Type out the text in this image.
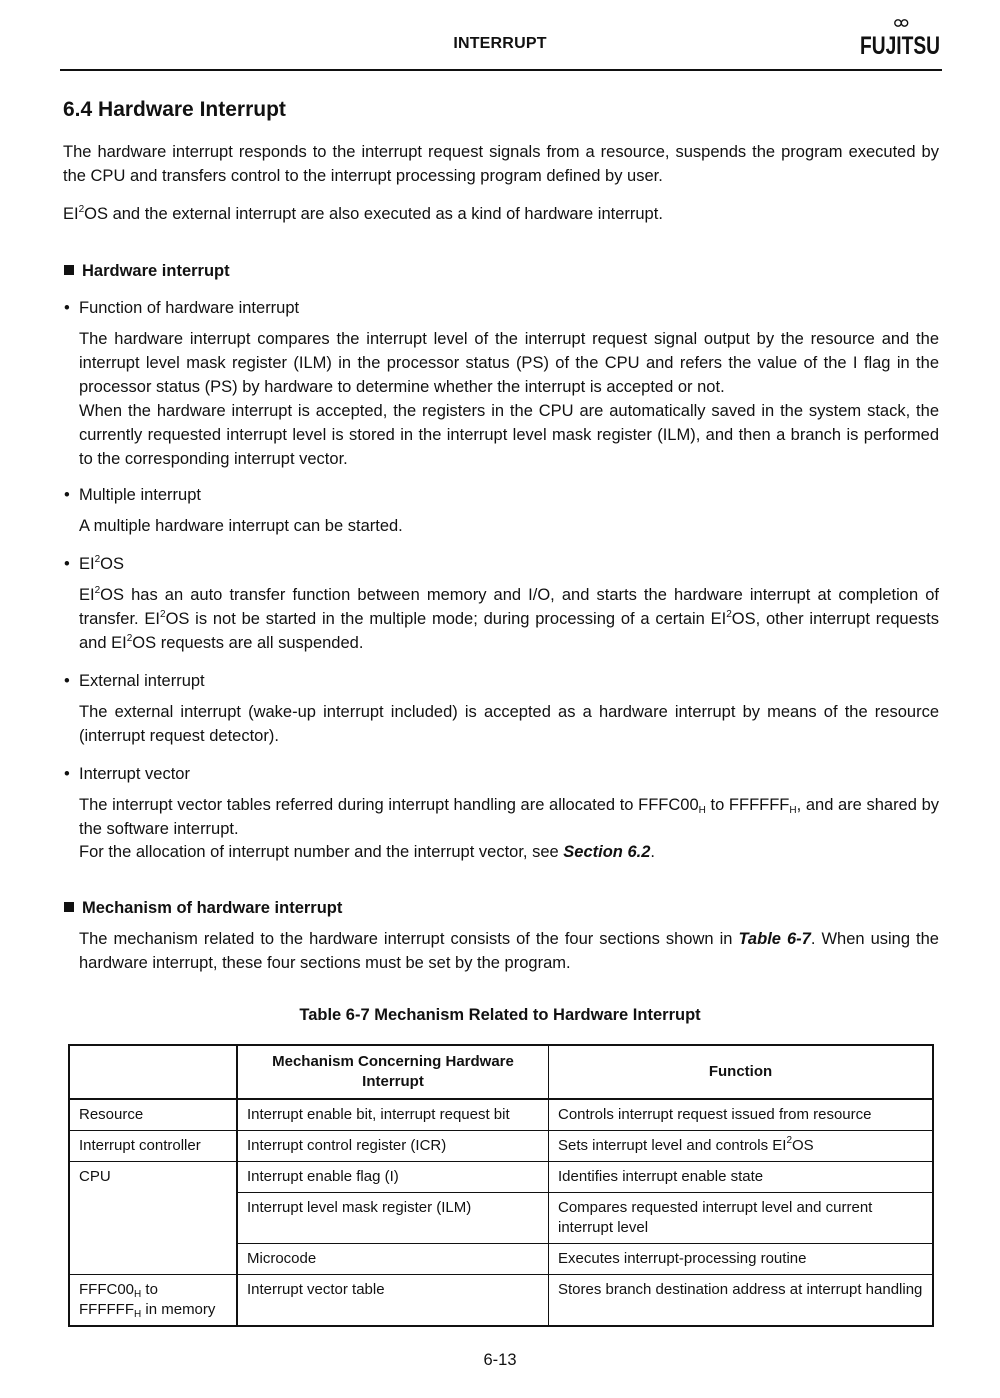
INTERRUPT	FUJITSU
6.4 Hardware Interrupt

The hardware interrupt responds to the interrupt request signals from a resource, suspends the program executed by the CPU and transfers control to the interrupt processing program defined by user.

$EI^2OS$ and the external interrupt are also executed as a kind of hardware interrupt.

Hardware interrupt

• Function of hardware interrupt

The hardware interrupt compares the interrupt level of the interrupt request signal output by the resource and the interrupt level mask register (ILM) in the processor status (PS) of the CPU and refers the value of the I flag in the processor status (PS) by hardware to determine whether the interrupt is accepted or not.

When the hardware interrupt is accepted, the registers in the CPU are automatically saved in the system stack, the currently requested interrupt level is stored in the interrupt level mask register (ILM), and then a branch is performed to the corresponding interrupt vector.

• Multiple interrupt

A multiple hardware interrupt can be started.

• $EI^2OS$

$EI^2OS$ has an auto transfer function between memory and I/O, and starts the hardware interrupt at completion of transfer. $EI^2OS$ is not be started in the multiple mode; during processing of a certain $EI^2OS$, other interrupt requests and $EI^2OS$ requests are all suspended.

• External interrupt

The external interrupt (wake-up interrupt included) is accepted as a hardware interrupt by means of the resource (interrupt request detector).

• Interrupt vector

The interrupt vector tables referred during interrupt handling are allocated to $FFFC00_H$ to $FFFFFF_H$, and are shared by the software interrupt.

For the allocation of interrupt number and the interrupt vector, see Section 6.2.

Mechanism of hardware interrupt

The mechanism related to the hardware interrupt consists of the four sections shown in Table 6-7. When using the hardware interrupt, these four sections must be set by the program.

Table 6-7 Mechanism Related to Hardware Interrupt

	Mechanism Concerning Hardware Interrupt	Function
Resource	Interrupt enable bit, interrupt request bit	Controls interrupt request issued from resource
Interrupt controller	Interrupt control register (ICR)	Sets interrupt level and controls $EI^2OS$
CPU	Interrupt enable flag (I)	Identifies interrupt enable state
	Interrupt level mask register (ILM)	Compares requested interrupt level and current interrupt level
	Microcode	Executes interrupt-processing routine
$FFFC00_H$ to
$FFFFFF_H$ in memory	Interrupt vector table	Stores branch destination address at interrupt handling
6-13
